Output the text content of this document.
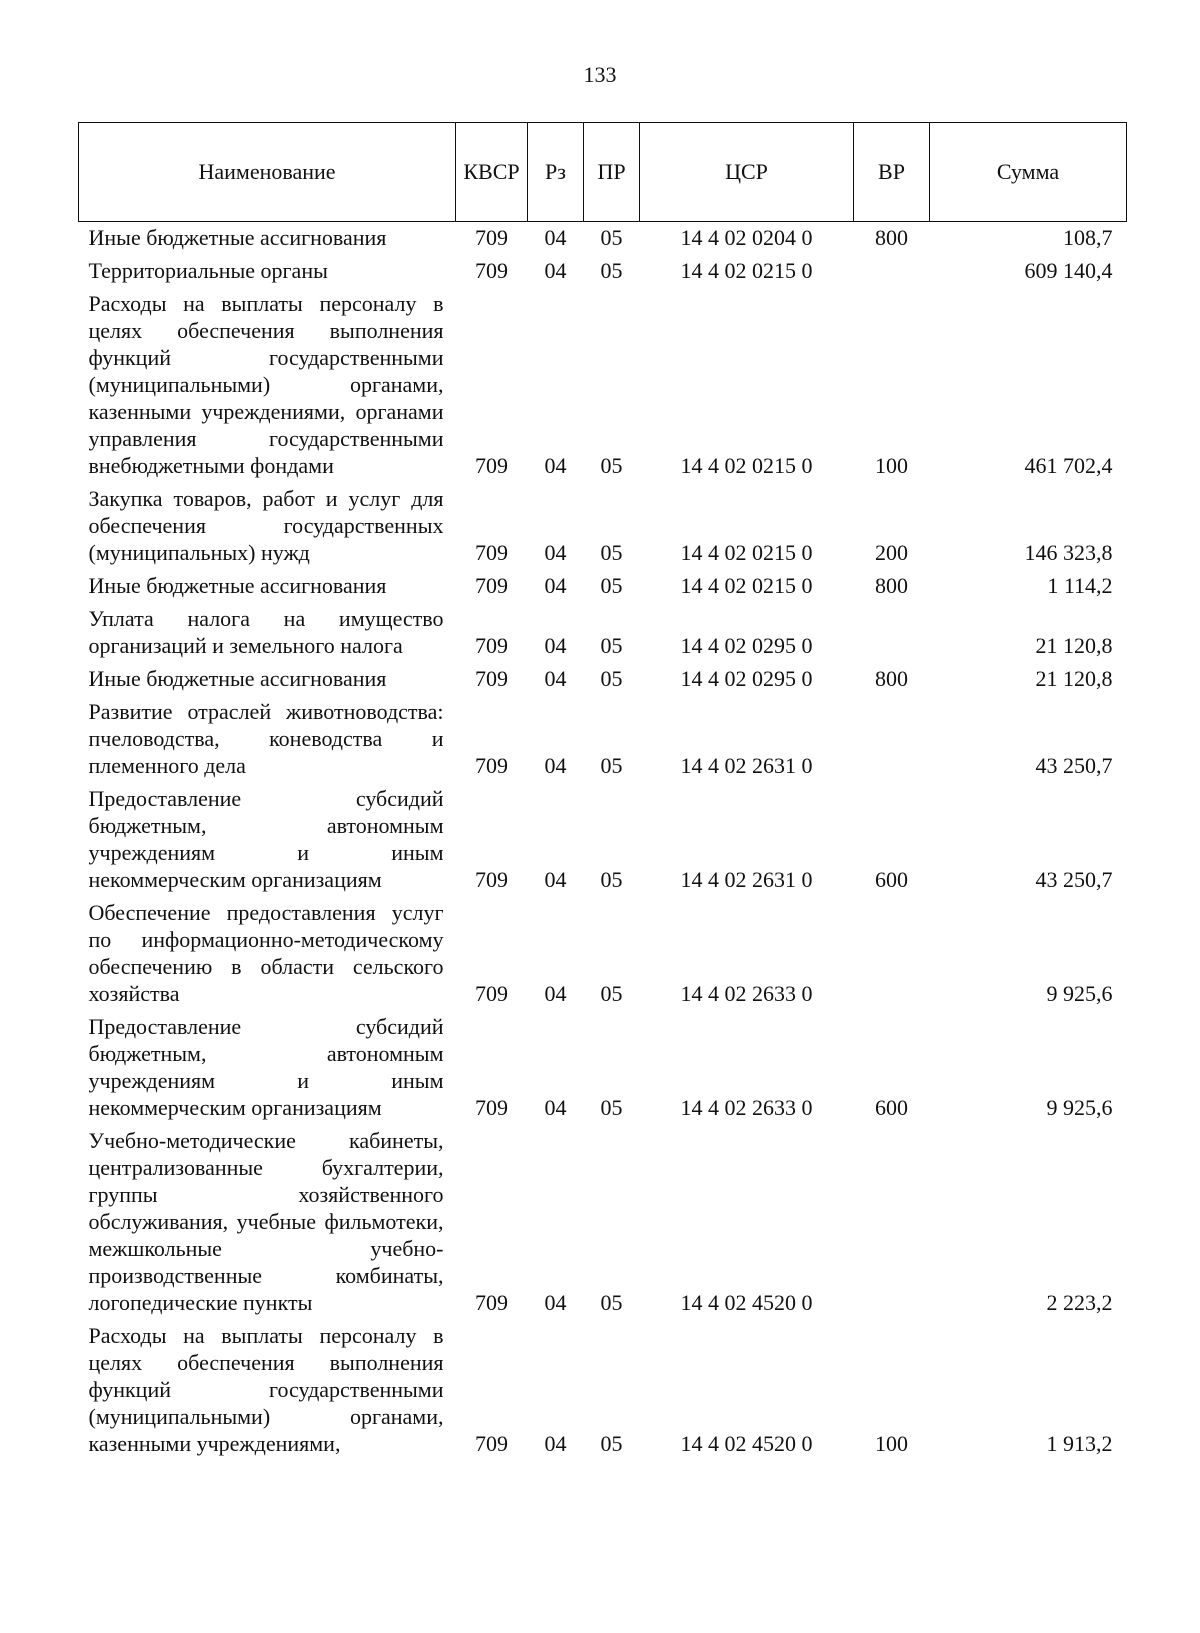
133
Наименование	КВСР	Рз	ПР	ЦСР	ВР	Сумма
Иные бюджетные ассигнования	709	04	05	14 4 02 0204 0	800	108,7
Территориальные органы	709	04	05	14 4 02 0215 0		609 140,4
Расходы на выплаты персоналу в целях обеспечения выполнения функций государственными (муниципальными) органами, казенными учреждениями, органами управления государственными внебюджетными фондами	709	04	05	14 4 02 0215 0	100	461 702,4
Закупка товаров, работ и услуг для обеспечения государственных (муниципальных) нужд	709	04	05	14 4 02 0215 0	200	146 323,8
Иные бюджетные ассигнования	709	04	05	14 4 02 0215 0	800	1 114,2
Уплата налога на имущество организаций и земельного налога	709	04	05	14 4 02 0295 0		21 120,8
Иные бюджетные ассигнования	709	04	05	14 4 02 0295 0	800	21 120,8
Развитие отраслей животноводства: пчеловодства, коневодства и племенного дела	709	04	05	14 4 02 2631 0		43 250,7
Предоставление субсидий бюджетным, автономным учреждениям и иным некоммерческим организациям	709	04	05	14 4 02 2631 0	600	43 250,7
Обеспечение предоставления услуг по информационно-методическому обеспечению в области сельского хозяйства	709	04	05	14 4 02 2633 0		9 925,6
Предоставление субсидий бюджетным, автономным учреждениям и иным некоммерческим организациям	709	04	05	14 4 02 2633 0	600	9 925,6
Учебно-методические кабинеты, централизованные бухгалтерии, группы хозяйственного обслуживания, учебные фильмотеки, межшкольные учебно-производственные комбинаты, логопедические пункты	709	04	05	14 4 02 4520 0		2 223,2
Расходы на выплаты персоналу в целях обеспечения выполнения функций государственными (муниципальными) органами, казенными учреждениями,	709	04	05	14 4 02 4520 0	100	1 913,2
